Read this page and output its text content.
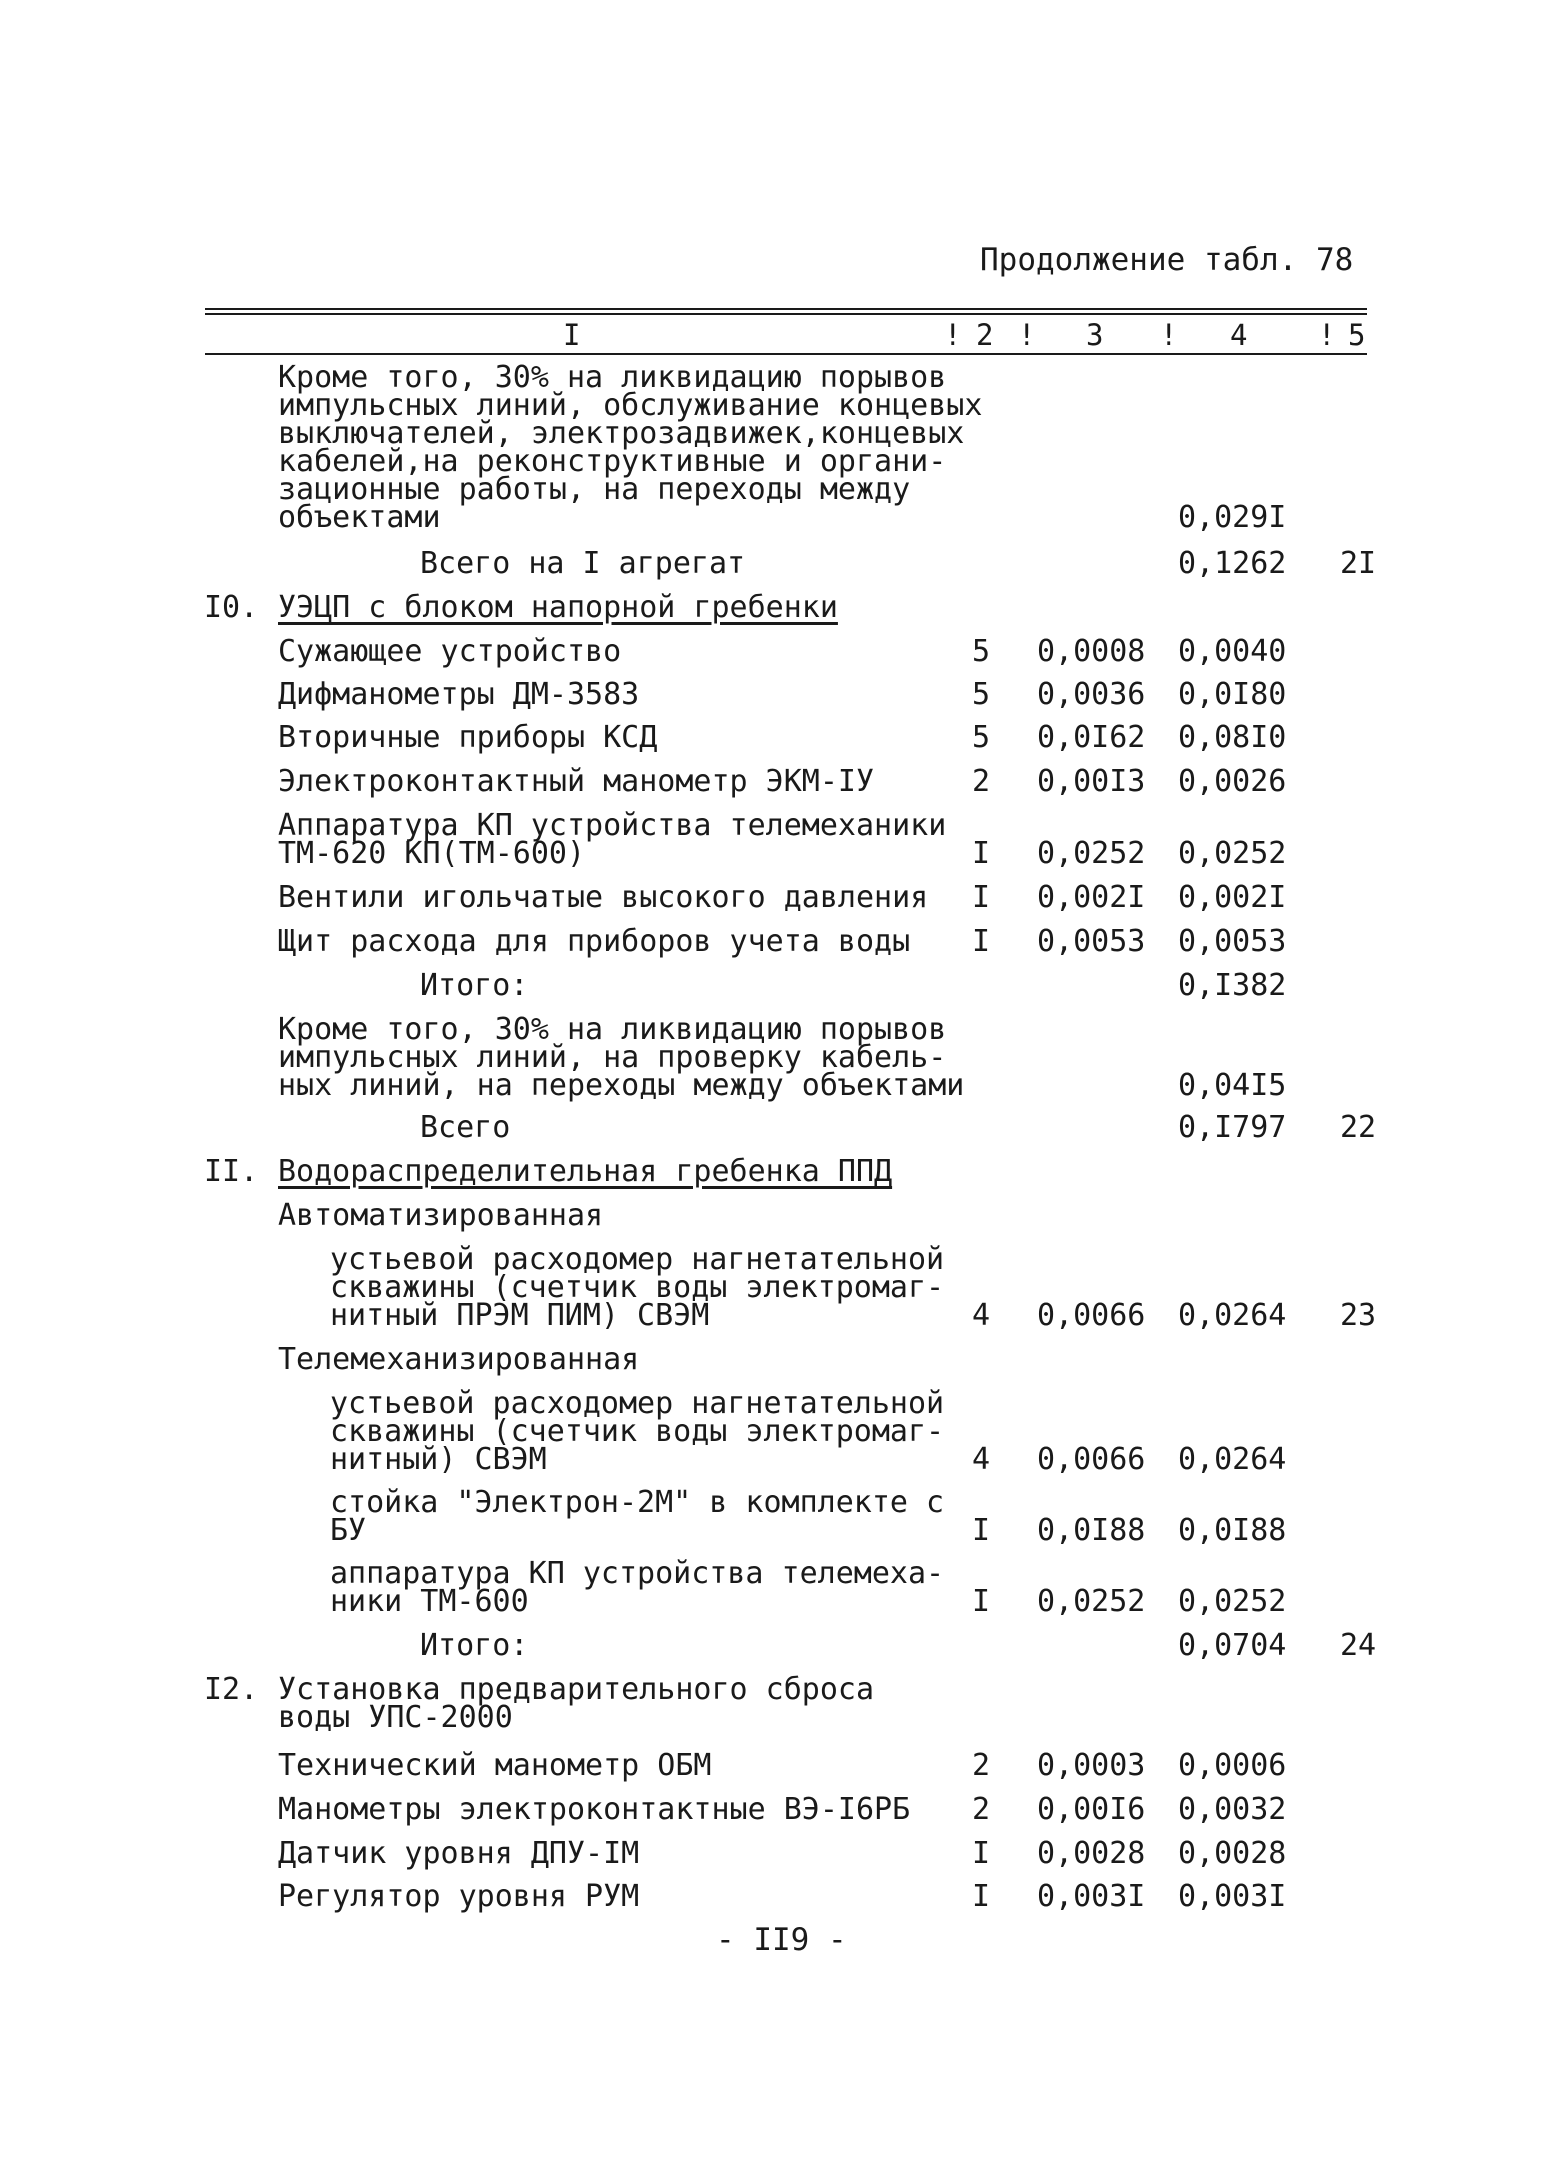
Продолжение табл. 78
I	! 2 ! 3 ! 4 ! 5
Кроме того, 30% на ликвидацию порывов
импульсных линий, обслуживание концевых
выключателей, электрозадвижек,концевых
кабелей,на реконструктивные и органи-
зационные работы, на переходы между
объектами	0,029I
Всего на I агрегат	0,1262 2I
I0. УЭЦП с блоком напорной гребенки
Сужающее устройство	5 0,0008 0,0040
Дифманометры ДМ-3583	5 0,0036 0,0I80
Вторичные приборы КСД	5 0,0I62 0,08I0
Электроконтактный манометр ЭКМ-IУ	2 0,00I3 0,0026
Аппаратура КП устройства телемеханики
ТМ-620 КП(ТМ-600)	I 0,0252 0,0252
Вентили игольчатые высокого давления I 0,002I 0,002I
Щит расхода для приборов учета воды I 0,0053 0,0053
Итого:	0,I382
Кроме того, 30% на ликвидацию порывов
импульсных линий, на проверку кабель-
ных линий, на переходы между объектами	0,04I5
Всего	0,I797 22
II. Водораспределительная гребенка ППД
Автоматизированная
устьевой расходомер нагнетательной
скважины (счетчик воды электромаг-
нитный ПРЭМ ПИМ) СВЭМ	4 0,0066 0,0264 23
Телемеханизированная
устьевой расходомер нагнетательной
скважины (счетчик воды электромаг-
нитный) СВЭМ	4 0,0066 0,0264
стойка "Электрон-2М" в комплекте с
БУ	I 0,0I88 0,0I88
аппаратура КП устройства телемеха-
ники ТМ-600	I 0,0252 0,0252
Итого:	0,0704 24
I2. Установка предварительного сброса
воды УПС-2000
Технический манометр ОБМ	2 0,0003 0,0006
Манометры электроконтактные ВЭ-I6РБ 2 0,00I6 0,0032
Датчик уровня ДПУ-IМ	I 0,0028 0,0028
Регулятор уровня РУМ	I 0,003I 0,003I
- II9 -
